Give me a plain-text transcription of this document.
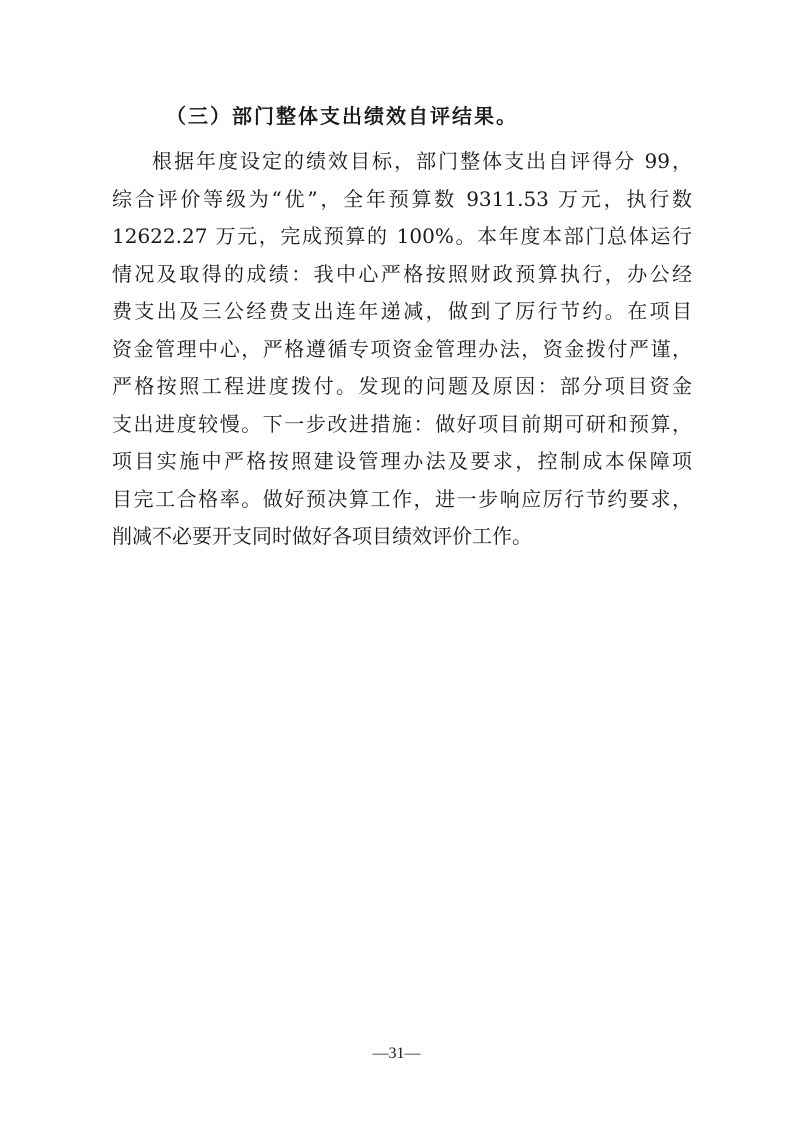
（三）部门整体支出绩效自评结果。
根据年度设定的绩效目标，部门整体支出自评得分 99，
综合评价等级为“优”，全年预算数 9311.53 万元，执行数
12622.27 万元，完成预算的 100%。本年度本部门总体运行
情况及取得的成绩：我中心严格按照财政预算执行，办公经
费支出及三公经费支出连年递减，做到了厉行节约。在项目
资金管理中心，严格遵循专项资金管理办法，资金拨付严谨，
严格按照工程进度拨付。发现的问题及原因：部分项目资金
支出进度较慢。下一步改进措施：做好项目前期可研和预算，
项目实施中严格按照建设管理办法及要求，控制成本保障项
目完工合格率。做好预决算工作，进一步响应厉行节约要求，
削减不必要开支同时做好各项目绩效评价工作。
—31—
